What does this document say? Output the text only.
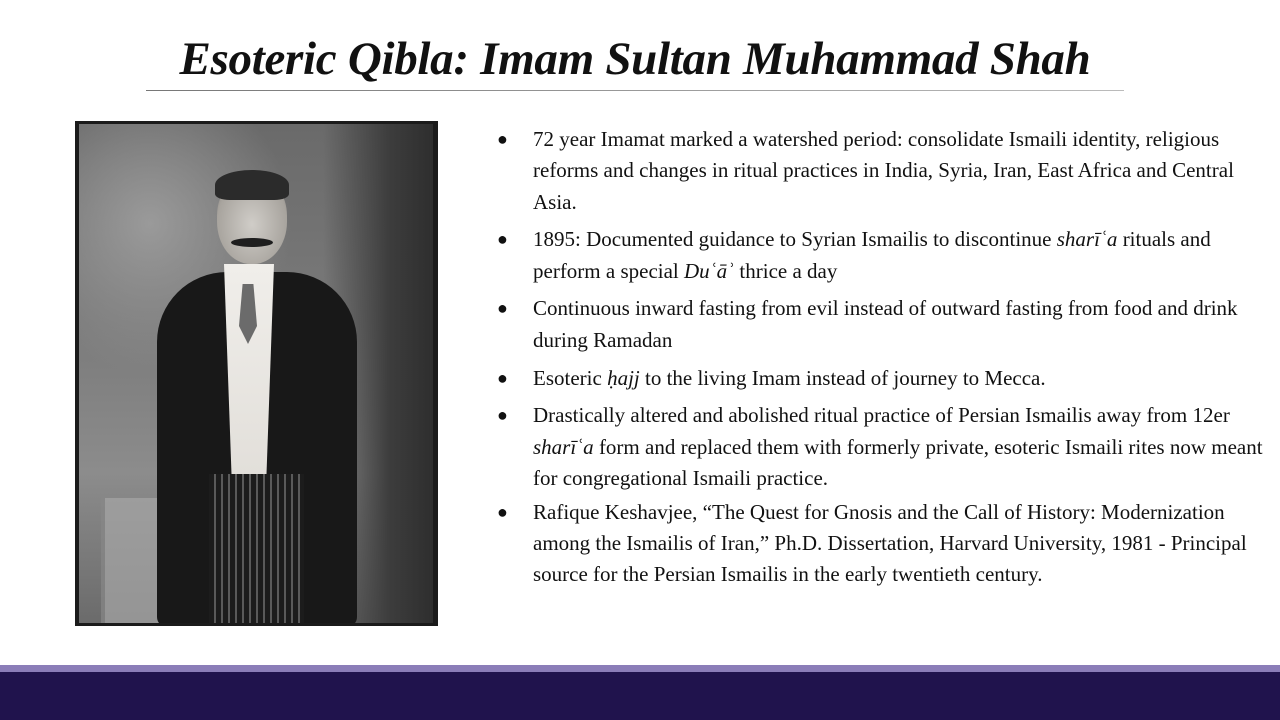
Esoteric Qibla: Imam Sultan Muhammad Shah
● 72 year Imamat marked a watershed period: consolidate Ismaili identity, religious reforms and changes in ritual practices in India, Syria, Iran, East Africa and Central Asia.
● 1895: Documented guidance to Syrian Ismailis to discontinue sharīʿa rituals and perform a special Duʿāʾ thrice a day
● Continuous inward fasting from evil instead of outward fasting from food and drink during Ramadan
● Esoteric ḥajj to the living Imam instead of journey to Mecca.
● Drastically altered and abolished ritual practice of Persian Ismailis away from 12er sharīʿa form and replaced them with formerly private, esoteric Ismaili rites now meant for congregational Ismaili practice.
● Rafique Keshavjee, “The Quest for Gnosis and the Call of History: Modernization among the Ismailis of Iran,” Ph.D. Dissertation, Harvard University, 1981 - Principal source for the Persian Ismailis in the early twentieth century.
